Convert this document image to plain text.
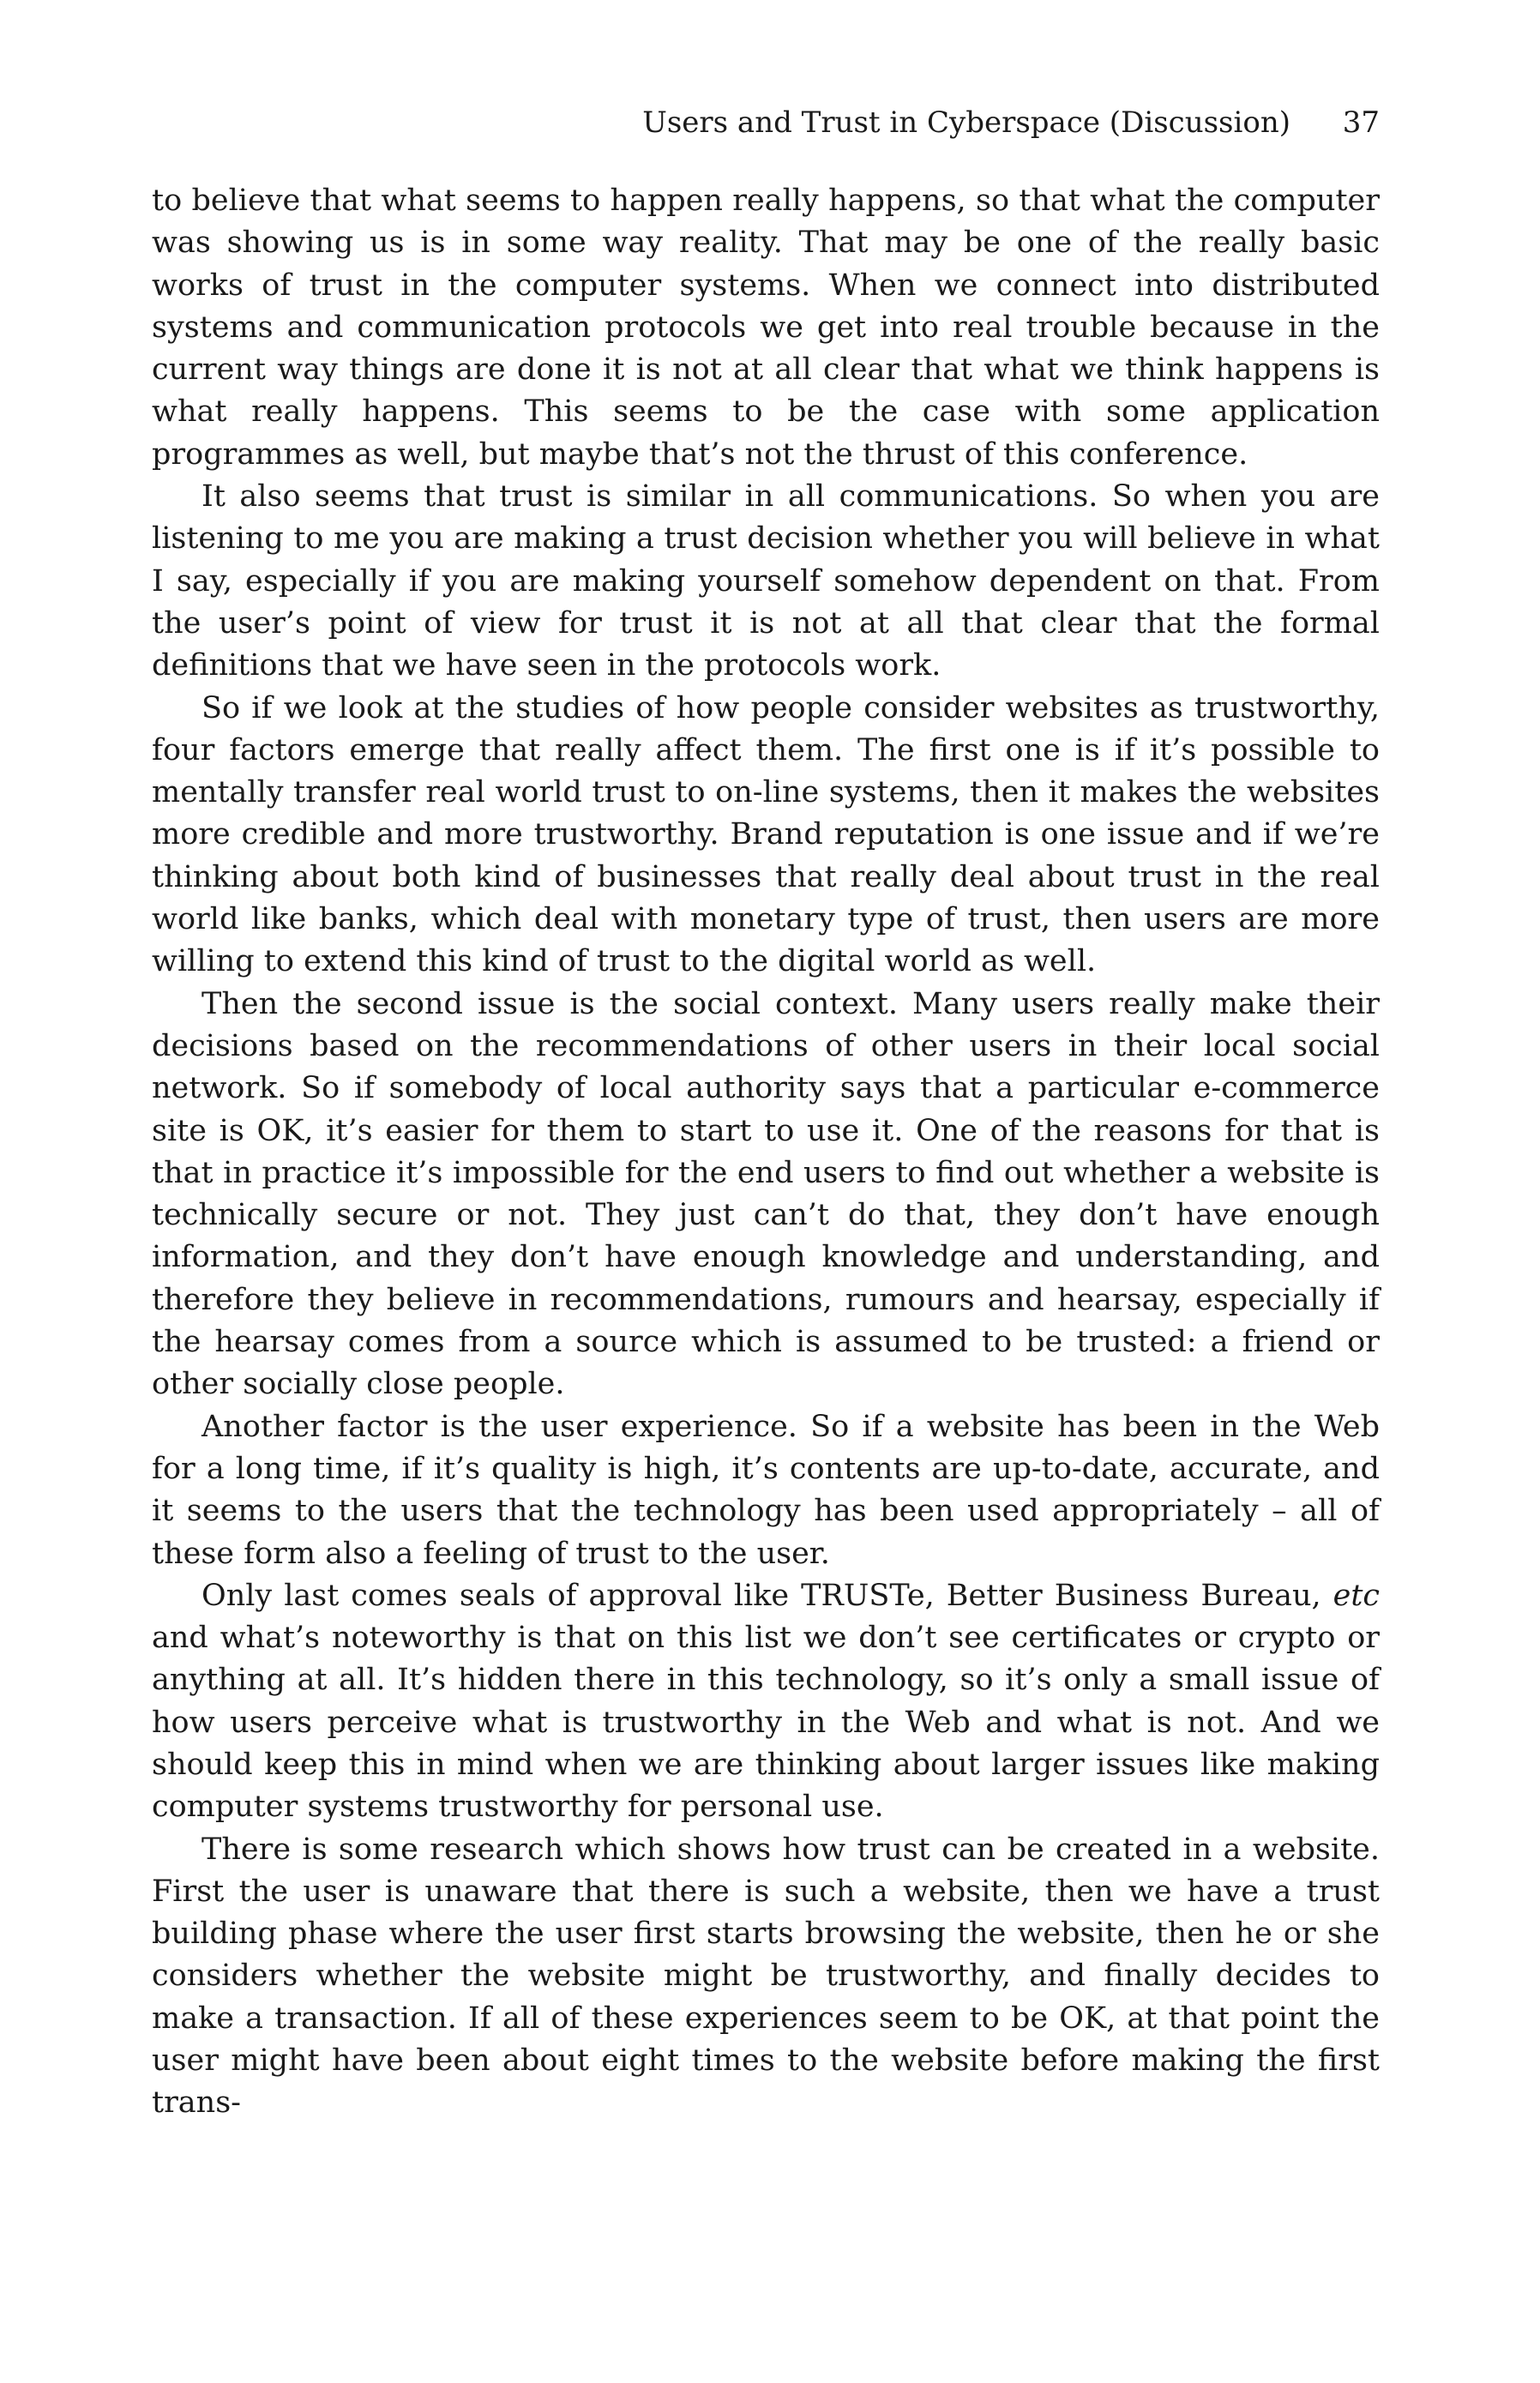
Users and Trust in Cyberspace (Discussion) 37

to believe that what seems to happen really happens, so that what the computer was showing us is in some way reality. That may be one of the really basic works of trust in the computer systems. When we connect into distributed systems and communication protocols we get into real trouble because in the current way things are done it is not at all clear that what we think happens is what really happens. This seems to be the case with some application programmes as well, but maybe that’s not the thrust of this conference.

It also seems that trust is similar in all communications. So when you are listening to me you are making a trust decision whether you will believe in what I say, especially if you are making yourself somehow dependent on that. From the user’s point of view for trust it is not at all that clear that the formal definitions that we have seen in the protocols work.

So if we look at the studies of how people consider websites as trustworthy, four factors emerge that really affect them. The first one is if it’s possible to mentally transfer real world trust to on-line systems, then it makes the websites more credible and more trustworthy. Brand reputation is one issue and if we’re thinking about both kind of businesses that really deal about trust in the real world like banks, which deal with monetary type of trust, then users are more willing to extend this kind of trust to the digital world as well.

Then the second issue is the social context. Many users really make their decisions based on the recommendations of other users in their local social network. So if somebody of local authority says that a particular e-commerce site is OK, it’s easier for them to start to use it. One of the reasons for that is that in practice it’s impossible for the end users to find out whether a website is technically secure or not. They just can’t do that, they don’t have enough information, and they don’t have enough knowledge and understanding, and therefore they believe in recommendations, rumours and hearsay, especially if the hearsay comes from a source which is assumed to be trusted: a friend or other socially close people.

Another factor is the user experience. So if a website has been in the Web for a long time, if it’s quality is high, it’s contents are up-to-date, accurate, and it seems to the users that the technology has been used appropriately – all of these form also a feeling of trust to the user.

Only last comes seals of approval like TRUSTe, Better Business Bureau, etc and what’s noteworthy is that on this list we don’t see certificates or crypto or anything at all. It’s hidden there in this technology, so it’s only a small issue of how users perceive what is trustworthy in the Web and what is not. And we should keep this in mind when we are thinking about larger issues like making computer systems trustworthy for personal use.

There is some research which shows how trust can be created in a website. First the user is unaware that there is such a website, then we have a trust building phase where the user first starts browsing the website, then he or she considers whether the website might be trustworthy, and finally decides to make a transaction. If all of these experiences seem to be OK, at that point the user might have been about eight times to the website before making the first trans-
